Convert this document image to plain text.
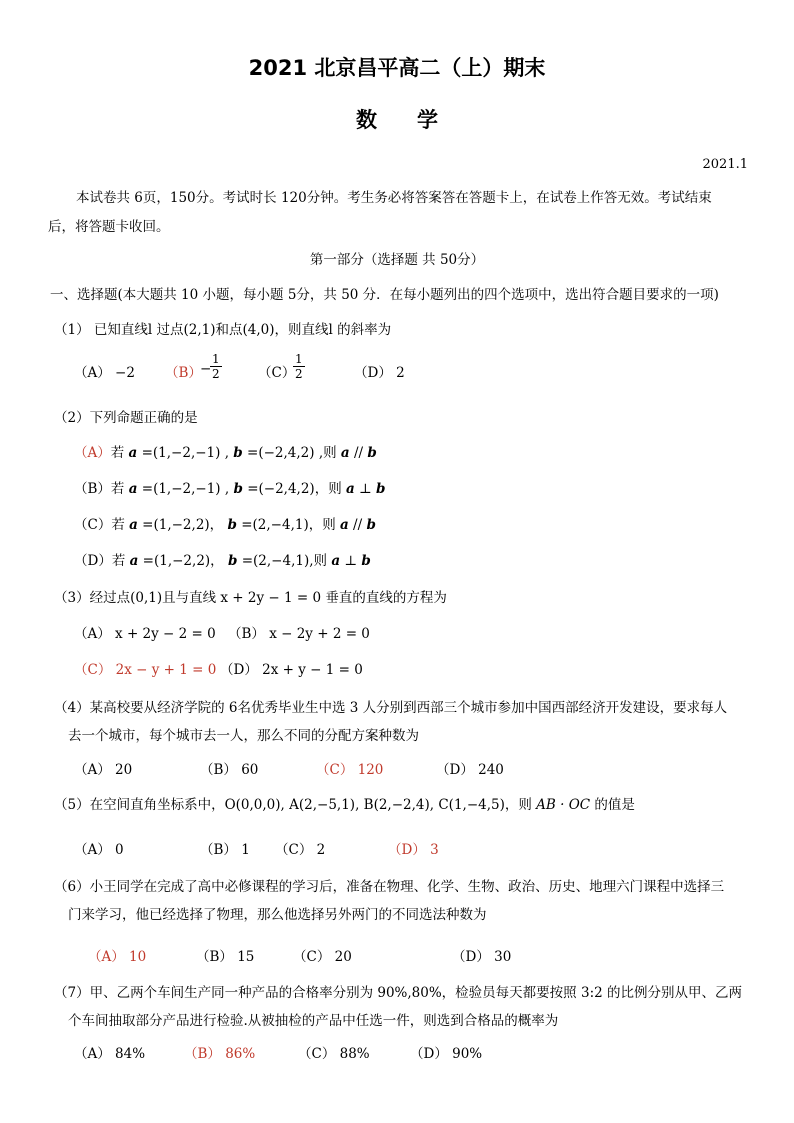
2021 北京昌平高二（上）期末
数学
2021.1
本试卷共 6页，150分。考试时长 120分钟。考生务必将答案答在答题卡上，在试卷上作答无效。考试结束
后，将答题卡收回。
第一部分（选择题 共 50分）
一、选择题(本大题共 10 小题，每小题 5分，共 50 分．在每小题列出的四个选项中，选出符合题目要求的一项)
（1） 已知直线l 过点(2,1)和点(4,0)，则直线l 的斜率为
（A） −2 （B）
−
$\frac{1}{2}$	（C）
$\frac{1}{2}$	（D） 2
（2）下列命题正确的是
（A）若 a =(1,−2,−1) , b =(−2,4,2) ,则 a // b
（B）若 a =(1,−2,−1) , b =(−2,4,2)，则 a ⊥ b
（C）若 a =(1,−2,2)， b =(2,−4,1)，则 a // b
（D）若 a =(1,−2,2)， b =(2,−4,1),则 a ⊥ b
（3）经过点(0,1)且与直线 x + 2y − 1 = 0 垂直的直线的方程为
（A） x + 2y − 2 = 0 （B） x − 2y + 2 = 0
（C） 2x − y + 1 = 0 （D） 2x + y − 1 = 0
（4）某高校要从经济学院的 6名优秀毕业生中选 3 人分别到西部三个城市参加中国西部经济开发建设，要求每人
去一个城市，每个城市去一人，那么不同的分配方案种数为
（A） 20	（B） 60	（C） 120	（D） 240
（5）在空间直角坐标系中，O(0,0,0), A(2,−5,1), B(2,−2,4), C(1,−4,5)，则 AB · OC 的值是
（A） 0	（B） 1 （C） 2	（D） 3
（6）小王同学在完成了高中必修课程的学习后，准备在物理、化学、生物、政治、历史、地理六门课程中选择三
门来学习，他已经选择了物理，那么他选择另外两门的不同选法种数为
（A） 10	（B） 15	（C） 20	（D） 30
（7）甲、乙两个车间生产同一种产品的合格率分别为 90%,80%，检验员每天都要按照 3:2 的比例分别从甲、乙两
个车间抽取部分产品进行检验.从被抽检的产品中任选一件，则选到合格品的概率为
（A） 84%	（B） 86%	（C） 88%	（D） 90%
